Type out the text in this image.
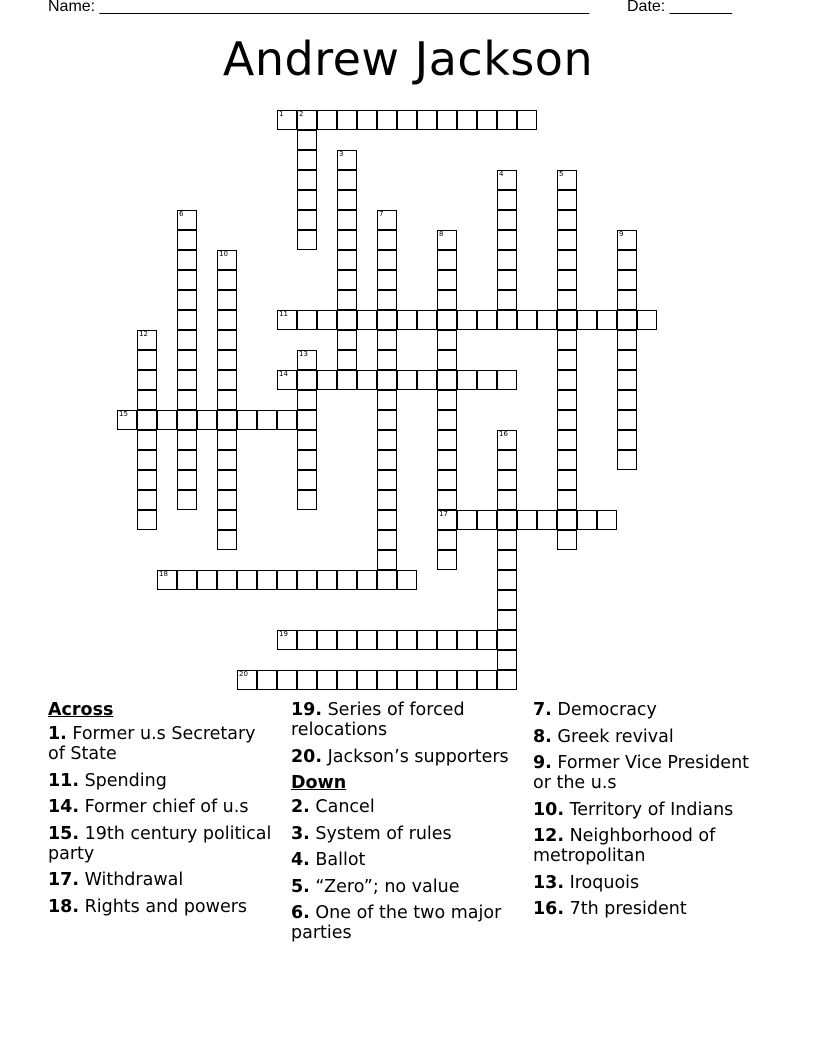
Name: _______________________________________________________ Date: _______
Andrew Jackson
1 2
3
4	5
6	7
8
17
9
10
11
12
13
14
15
16
18
19
20
Across
1. Former u.s Secretary of State
11. Spending
14. Former chief of u.s
15. 19th century political party
17. Withdrawal
18. Rights and powers
19. Series of forced relocations
20. Jackson’s supporters
Down
2. Cancel
3. System of rules
4. Ballot
5. “Zero”; no value
6. One of the two major parties
7. Democracy
8. Greek revival
9. Former Vice President or the u.s
10. Territory of Indians
12. Neighborhood of metropolitan
13. Iroquois
16. 7th president
